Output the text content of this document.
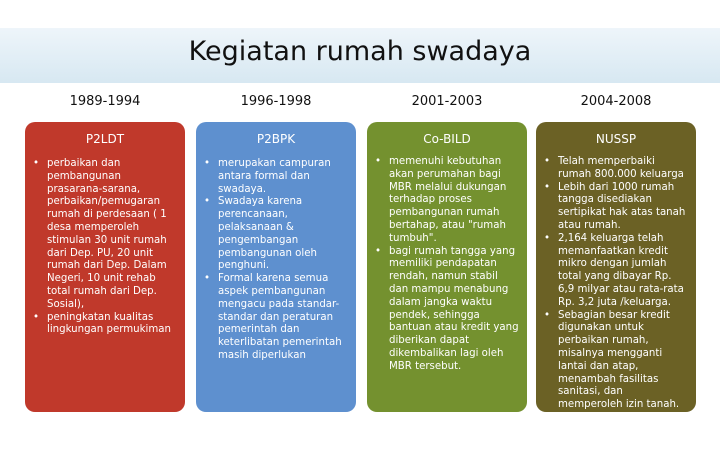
Kegiatan rumah swadaya
1989-1994	1996-1998	2001-2003	2004-2008
P2LDT
• perbaikan dan pembangunan prasarana-sarana, perbaikan/pemugaran rumah di perdesaan ( 1 desa memperoleh stimulan 30 unit rumah dari Dep. PU, 20 unit rumah dari Dep. Dalam Negeri, 10 unit rehab total rumah dari Dep. Sosial),
• peningkatan kualitas lingkungan permukiman
P2BPK
• merupakan campuran antara formal dan swadaya.
• Swadaya karena perencanaan, pelaksanaan & pengembangan pembangunan oleh penghuni.
• Formal karena semua aspek pembangunan mengacu pada standar-standar dan peraturan pemerintah dan keterlibatan pemerintah masih diperlukan
Co-BILD
• memenuhi kebutuhan akan perumahan bagi MBR melalui dukungan terhadap proses pembangunan rumah bertahap, atau "rumah tumbuh".
• bagi rumah tangga yang memiliki pendapatan rendah, namun stabil dan mampu menabung dalam jangka waktu pendek, sehingga bantuan atau kredit yang diberikan dapat dikembalikan lagi oleh MBR tersebut.
NUSSP
• Telah memperbaiki rumah 800.000 keluarga
• Lebih dari 1000 rumah tangga disediakan sertipikat hak atas tanah atau rumah.
• 2,164 keluarga telah memanfaatkan kredit mikro dengan jumlah total yang dibayar Rp. 6,9 milyar atau rata-rata Rp. 3,2 juta /keluarga.
• Sebagian besar kredit digunakan untuk perbaikan rumah, misalnya mengganti lantai dan atap, menambah fasilitas sanitasi, dan memperoleh izin tanah.
